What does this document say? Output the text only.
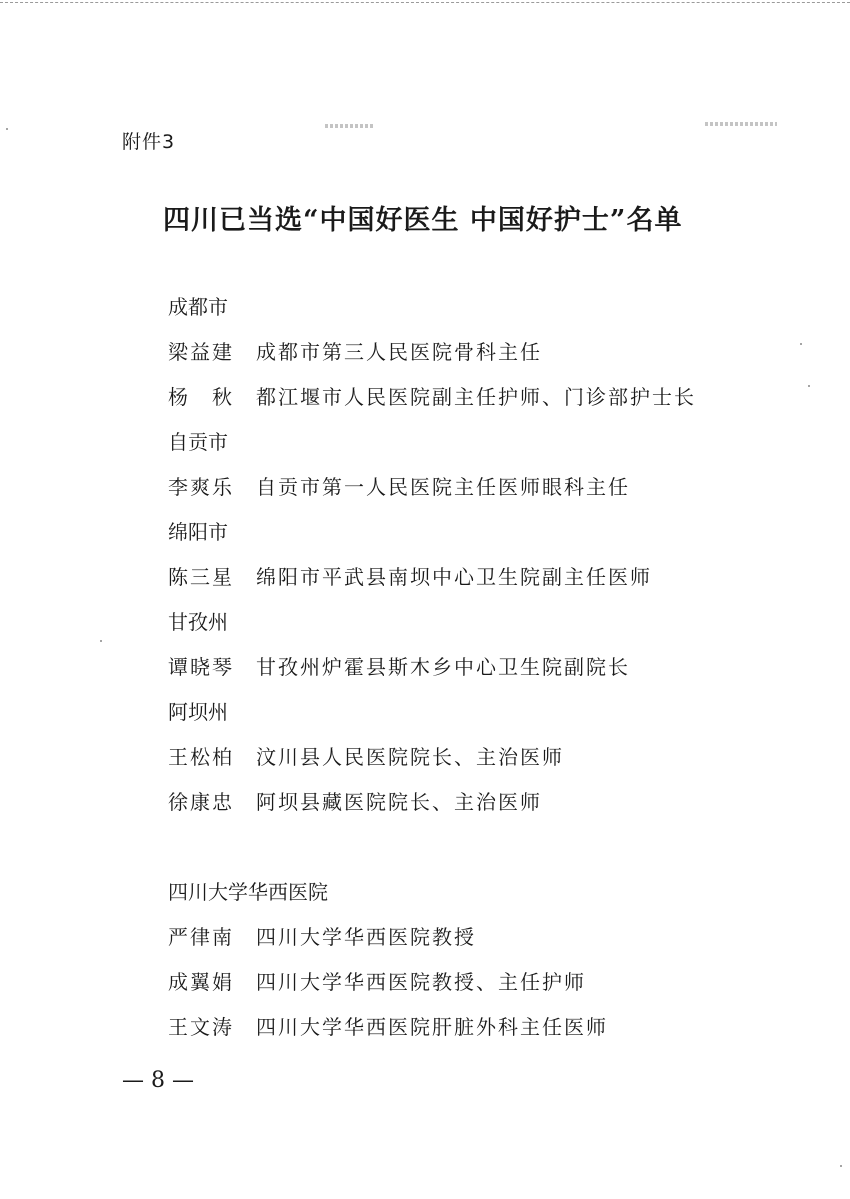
附件3
四川已当选“中国好医生 中国好护士”名单
成都市
梁益建 成都市第三人民医院骨科主任
杨　秋 都江堰市人民医院副主任护师、门诊部护士长
自贡市
李爽乐 自贡市第一人民医院主任医师眼科主任
绵阳市
陈三星 绵阳市平武县南坝中心卫生院副主任医师
甘孜州
谭晓琴 甘孜州炉霍县斯木乡中心卫生院副院长
阿坝州
王松柏 汶川县人民医院院长、主治医师
徐康忠 阿坝县藏医院院长、主治医师
四川大学华西医院
严律南 四川大学华西医院教授
成翼娟 四川大学华西医院教授、主任护师
王文涛 四川大学华西医院肝脏外科主任医师
— 8 —
